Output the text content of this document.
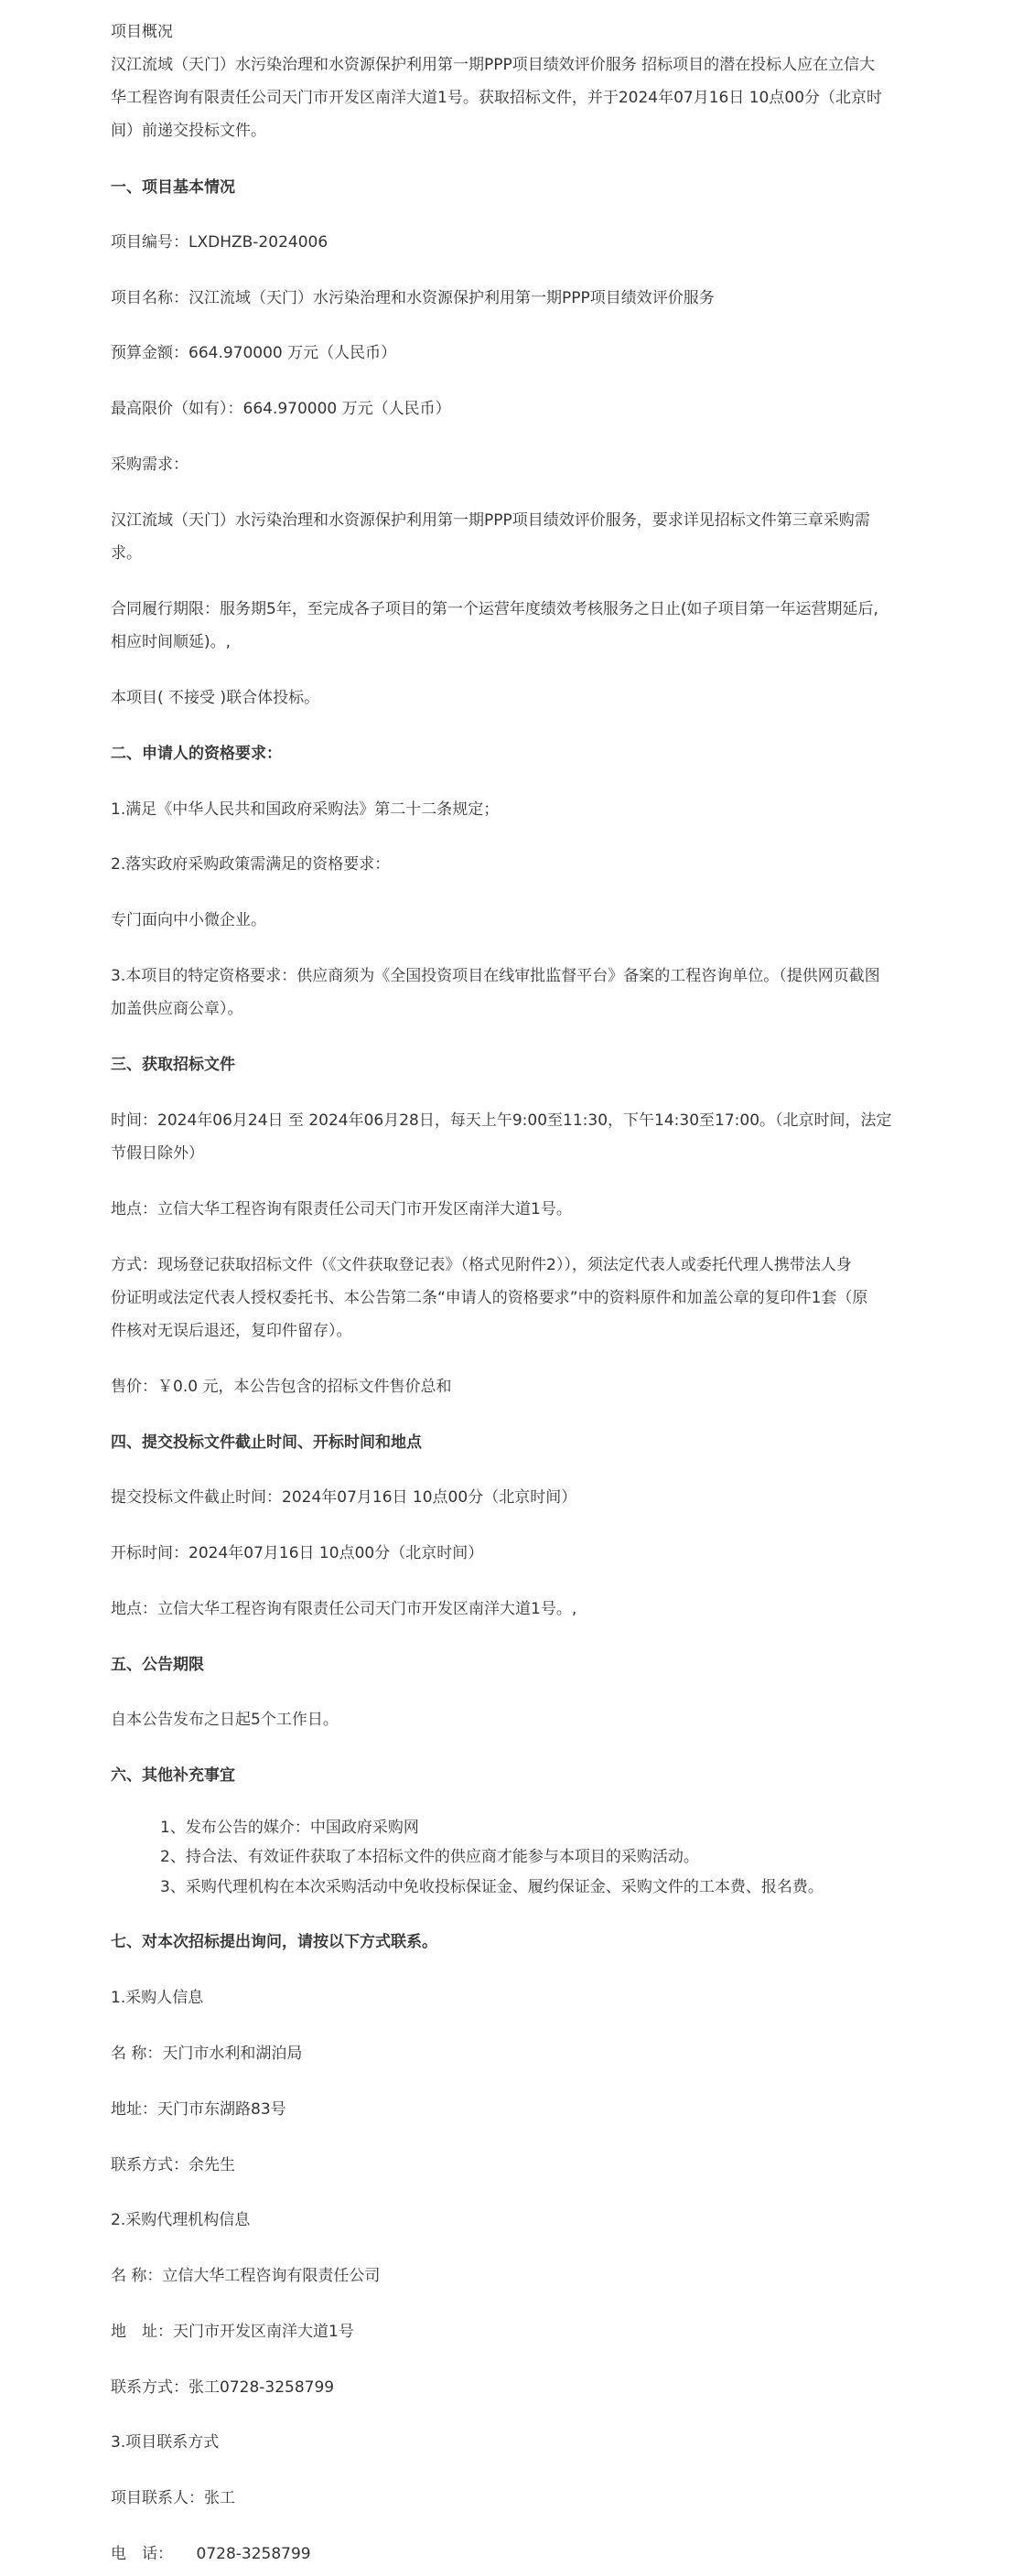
项目概况

汉江流域（天门）水污染治理和水资源保护利用第一期PPP项目绩效评价服务 招标项目的潜在投标人应在立信大

华工程咨询有限责任公司天门市开发区南洋大道1号。获取招标文件，并于2024年07月16日 10点00分（北京时

间）前递交投标文件。

一、项目基本情况

项目编号：LXDHZB-2024006

项目名称：汉江流域（天门）水污染治理和水资源保护利用第一期PPP项目绩效评价服务

预算金额：664.970000 万元（人民币）

最高限价（如有）：664.970000 万元（人民币）

采购需求：

汉江流域（天门）水污染治理和水资源保护利用第一期PPP项目绩效评价服务，要求详见招标文件第三章采购需

求。

合同履行期限：服务期5年，至完成各子项目的第一个运营年度绩效考核服务之日止(如子项目第一年运营期延后,

相应时间顺延)。,

本项目( 不接受 )联合体投标。

二、申请人的资格要求：

1.满足《中华人民共和国政府采购法》第二十二条规定；

2.落实政府采购政策需满足的资格要求：

专门面向中小微企业。

3.本项目的特定资格要求：供应商须为《全国投资项目在线审批监督平台》备案的工程咨询单位。（提供网页截图

加盖供应商公章）。

三、获取招标文件

时间：2024年06月24日 至 2024年06月28日，每天上午9:00至11:30，下午14:30至17:00。（北京时间，法定

节假日除外）

地点：立信大华工程咨询有限责任公司天门市开发区南洋大道1号。

方式：现场登记获取招标文件（《文件获取登记表》（格式见附件2）），须法定代表人或委托代理人携带法人身

份证明或法定代表人授权委托书、本公告第二条“申请人的资格要求”中的资料原件和加盖公章的复印件1套（原

件核对无误后退还，复印件留存）。

售价：￥0.0 元，本公告包含的招标文件售价总和

四、提交投标文件截止时间、开标时间和地点

提交投标文件截止时间：2024年07月16日 10点00分（北京时间）

开标时间：2024年07月16日 10点00分（北京时间）

地点：立信大华工程咨询有限责任公司天门市开发区南洋大道1号。,

五、公告期限

自本公告发布之日起5个工作日。

六、其他补充事宜

1、发布公告的媒介：中国政府采购网

2、持合法、有效证件获取了本招标文件的供应商才能参与本项目的采购活动。

3、采购代理机构在本次采购活动中免收投标保证金、履约保证金、采购文件的工本费、报名费。

七、对本次招标提出询问，请按以下方式联系。

1.采购人信息

名 称：天门市水利和湖泊局

地址：天门市东湖路83号

联系方式：余先生

2.采购代理机构信息

名 称：立信大华工程咨询有限责任公司

地　址：天门市开发区南洋大道1号

联系方式：张工0728-3258799

3.项目联系方式

项目联系人：张工

电　话：　　0728-3258799
